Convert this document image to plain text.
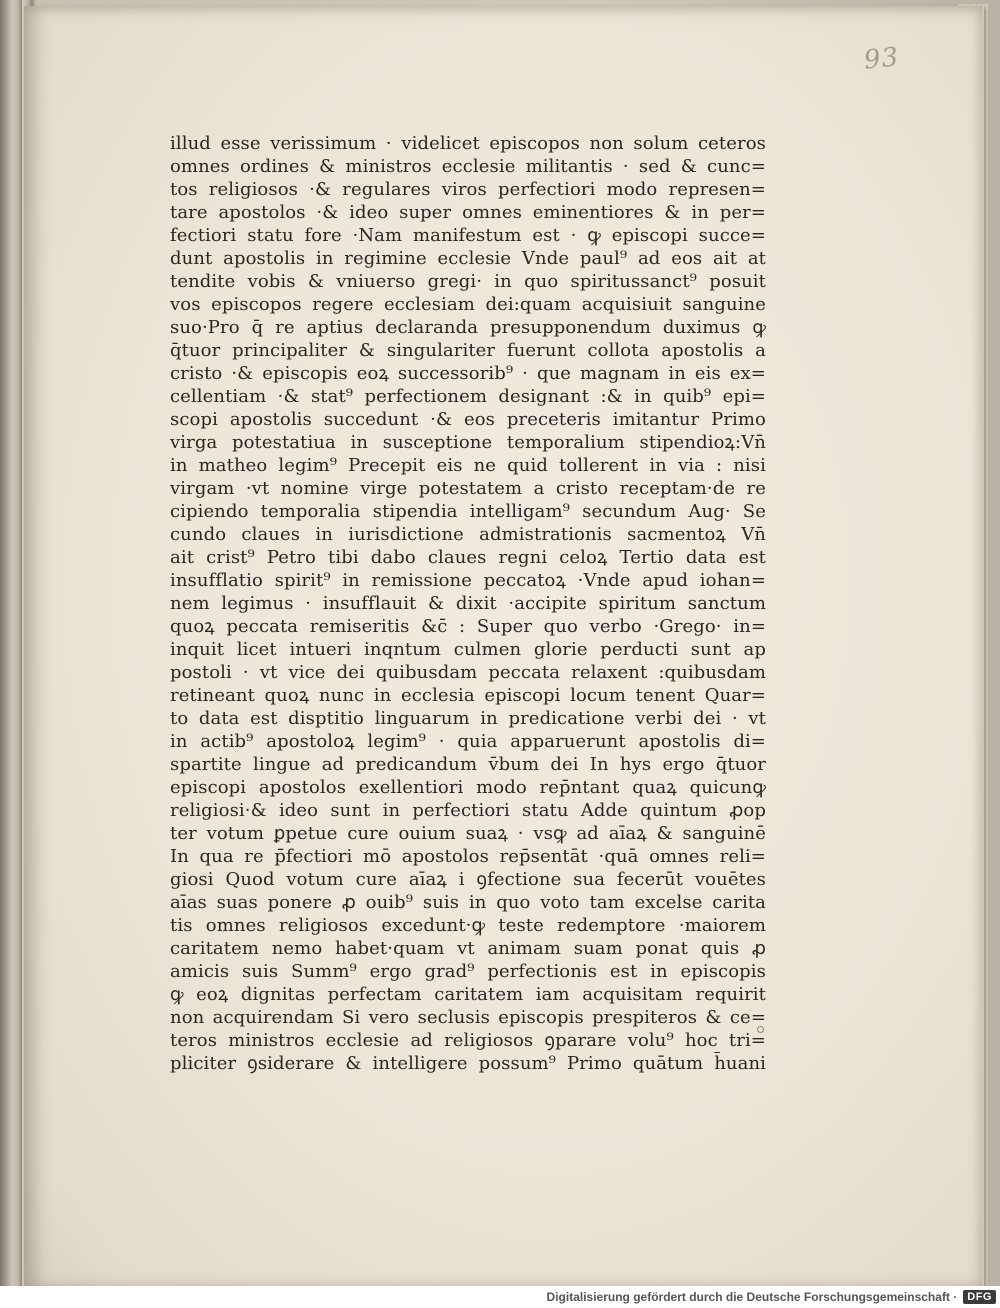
93
illud esse verissimum · videlicet episcopos non solum ceteros
omnes ordines & ministros ecclesie militantis · sed & cunc=
tos religiosos ·& regulares viros perfectiori modo represen=
tare apostolos ·& ideo super omnes eminentiores & in per=
fectiori statu fore ·Nam manifestum est · ꝙ episcopi succe=
dunt apostolis in regimine ecclesie Vnde paul⁹ ad eos ait at
tendite vobis & vniuerso gregi· in quo spiritussanct⁹ posuit
vos episcopos regere ecclesiam dei:quam acquisiuit sanguine
suo·Pro q̄ re aptius declaranda presupponendum duximus ꝙ
q̄tuor principaliter & singulariter fuerunt collota apostolis a
cristo ·& episcopis eoꝝ successorib⁹ · que magnam in eis ex=
cellentiam ·& stat⁹ perfectionem designant :& in quib⁹ epi=
scopi apostolis succedunt ·& eos preceteris imitantur Primo
virga potestatiua in susceptione temporalium stipendioꝝ:Vn̄
in matheo legim⁹ Precepit eis ne quid tollerent in via : nisi
virgam ·vt nomine virge potestatem a cristo receptam·de re
cipiendo temporalia stipendia intelligam⁹ secundum Aug· Se
cundo claues in iurisdictione admistrationis sacmentoꝝ Vn̄
ait crist⁹ Petro tibi dabo claues regni celoꝝ Tertio data est
insufflatio spirit⁹ in remissione peccatoꝝ ·Vnde apud iohan=
nem legimus · insufflauit & dixit ·accipite spiritum sanctum
quoꝝ peccata remiseritis &c̄ : Super quo verbo ·Grego· in=
inquit licet intueri inqntum culmen glorie perducti sunt ap
postoli · vt vice dei quibusdam peccata relaxent :quibusdam
retineant quoꝝ nunc in ecclesia episcopi locum tenent Quar=
to data est disptitio linguarum in predicatione verbi dei · vt
in actib⁹ apostoloꝝ legim⁹ · quia apparuerunt apostolis di=
spartite lingue ad predicandum v̄bum dei In hys ergo q̄tuor
episcopi apostolos exellentiori modo rep̄ntant quaꝝ quicunꝙ
religiosi·& ideo sunt in perfectiori statu Adde quintum ꝓop
ter votum ꝑpetue cure ouium suaꝝ · vsꝙ ad aīaꝝ & sanguinē
In qua re p̄fectiori mō apostolos rep̄sentāt ·quā omnes reli=
giosi Quod votum cure aīaꝝ i ꝯfectione sua fecerūt vouētes
aīas suas ponere ꝓ ouib⁹ suis in quo voto tam excelse carita
tis omnes religiosos excedunt·ꝙ teste redemptore ·maiorem
caritatem nemo habet·quam vt animam suam ponat quis ꝓ
amicis suis Summ⁹ ergo grad⁹ perfectionis est in episcopis
ꝙ eoꝝ dignitas perfectam caritatem iam acquisitam requirit
non acquirendam Si vero seclusis episcopis prespiteros & ce=
teros ministros ecclesie ad religiosos ꝯparare volu⁹ hoc tri=
pliciter ꝯsiderare & intelligere possum⁹ Primo quātum h̄uani
Digitalisierung gefördert durch die Deutsche Forschungsgemeinschaft · DFG
